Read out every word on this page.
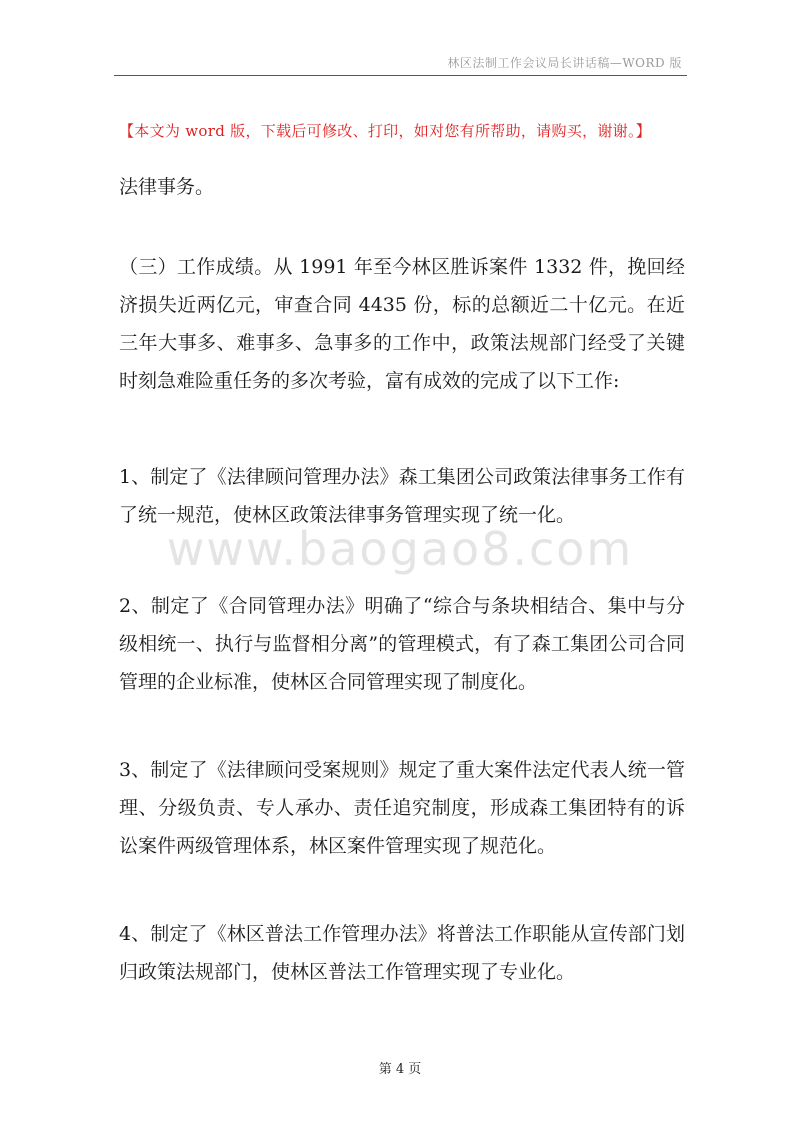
林区法制工作会议局长讲话稿—WORD 版
【本文为 word 版，下载后可修改、打印，如对您有所帮助，请购买，谢谢。】

法律事务。

（三）工作成绩。从 1991 年至今林区胜诉案件 1332 件，挽回经济损失近两亿元，审查合同 4435 份，标的总额近二十亿元。在近三年大事多、难事多、急事多的工作中，政策法规部门经受了关键时刻急难险重任务的多次考验，富有成效的完成了以下工作:

1、制定了《法律顾问管理办法》森工集团公司政策法律事务工作有了统一规范，使林区政策法律事务管理实现了统一化。

2、制定了《合同管理办法》明确了“综合与条块相结合、集中与分级相统一、执行与监督相分离”的管理模式，有了森工集团公司合同管理的企业标准，使林区合同管理实现了制度化。

3、制定了《法律顾问受案规则》规定了重大案件法定代表人统一管理、分级负责、专人承办、责任追究制度，形成森工集团特有的诉讼案件两级管理体系，林区案件管理实现了规范化。

4、制定了《林区普法工作管理办法》将普法工作职能从宣传部门划归政策法规部门，使林区普法工作管理实现了专业化。

www.baogao8.com
第 4 页
